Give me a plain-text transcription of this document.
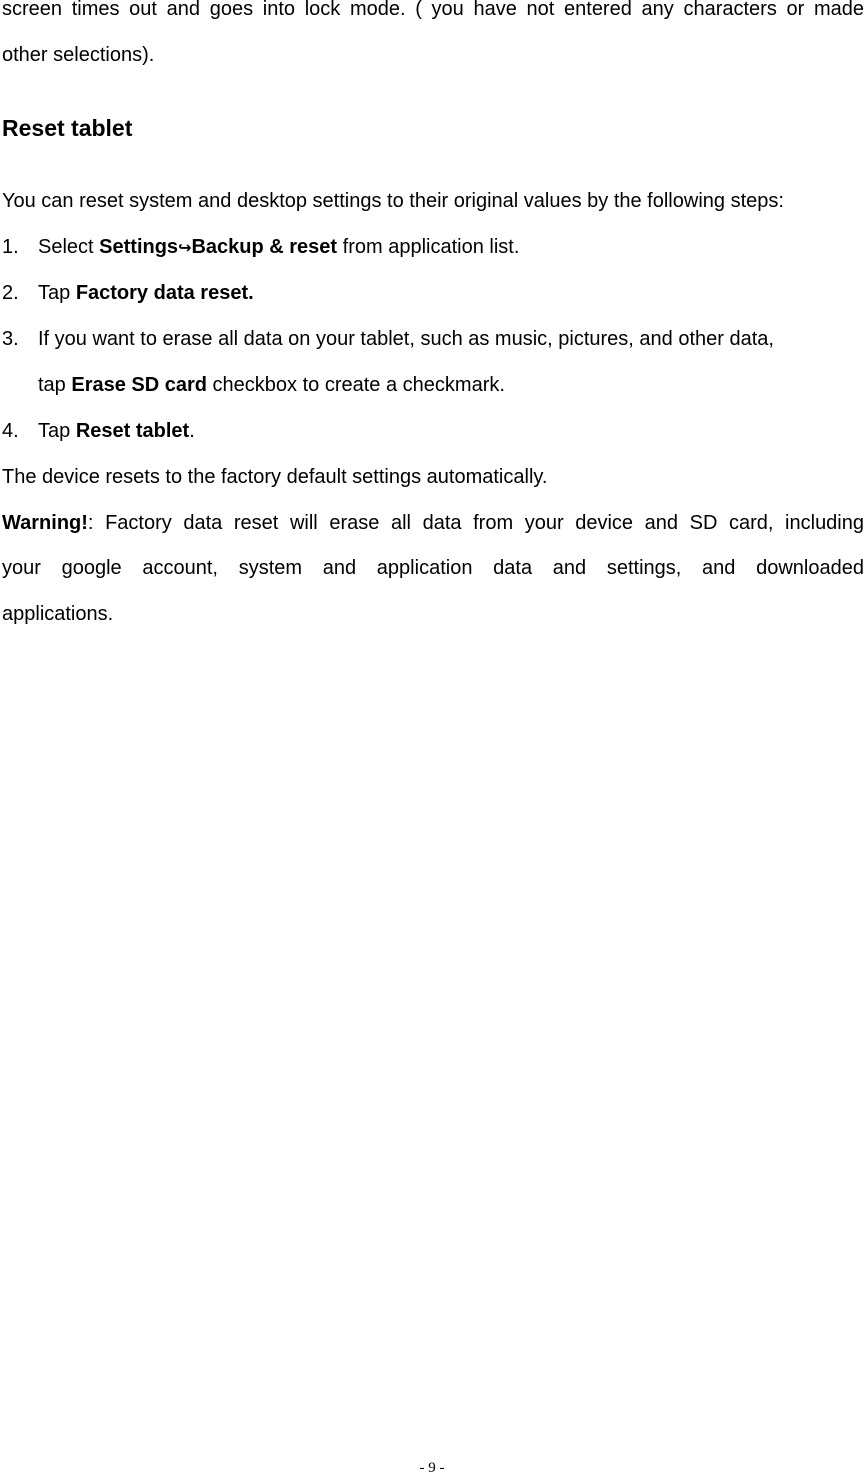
screen times out and goes into lock mode. ( you have not entered any characters or made
other selections).
Reset tablet
You can reset system and desktop settings to their original values by the following steps:
1. Select Settings↪Backup & reset from application list.
2. Tap Factory data reset.
3. If you want to erase all data on your tablet, such as music, pictures, and other data,
tap Erase SD card checkbox to create a checkmark.
4. Tap Reset tablet.
The device resets to the factory default settings automatically.
Warning!: Factory data reset will erase all data from your device and SD card, including
your google account, system and application data and settings, and downloaded
applications.
- 9 -
